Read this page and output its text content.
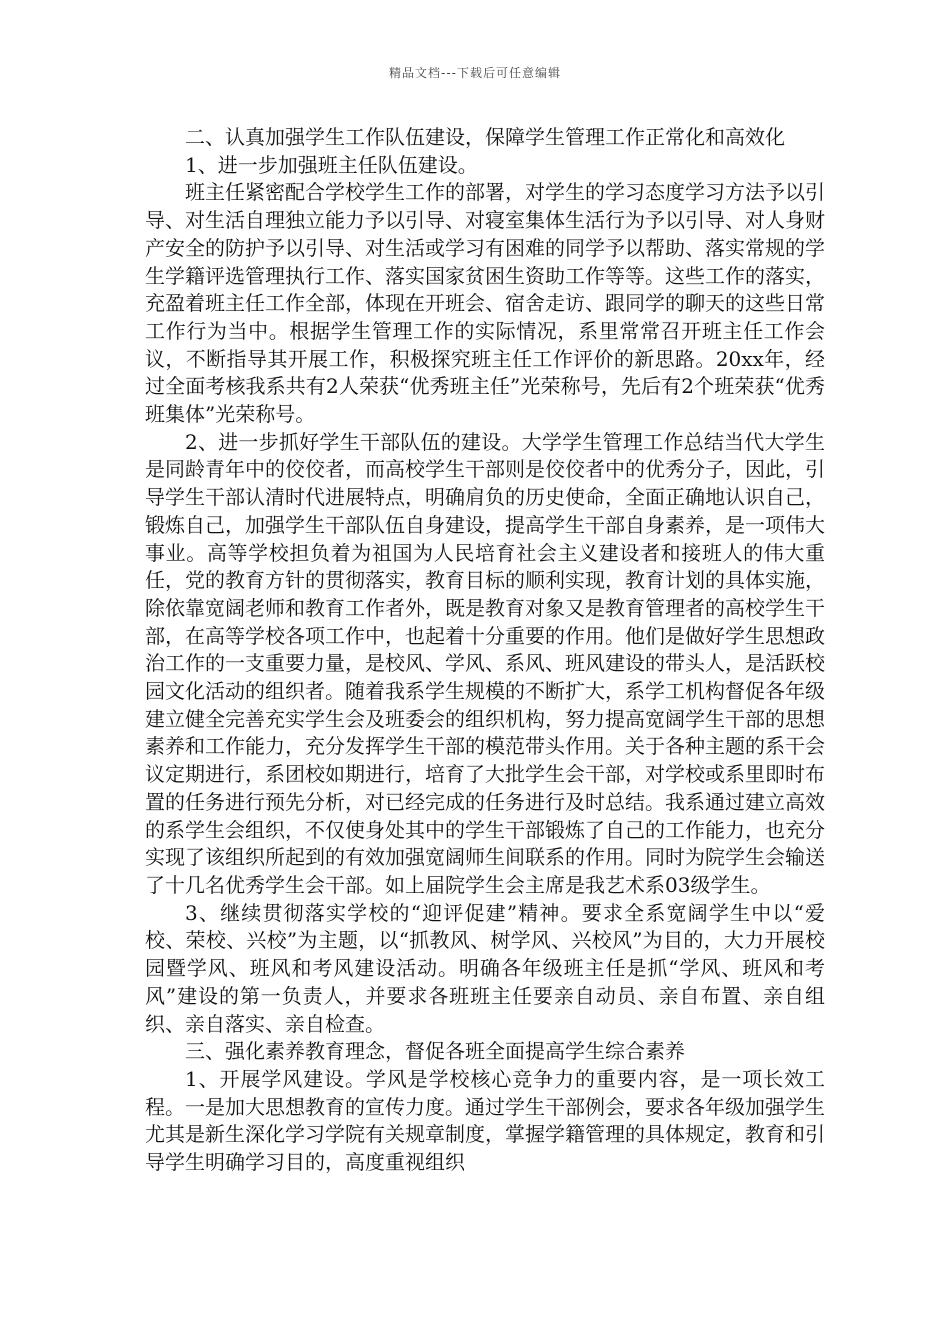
精品文档---下载后可任意编辑

二、认真加强学生工作队伍建设，保障学生管理工作正常化和高效化

1、进一步加强班主任队伍建设。

班主任紧密配合学校学生工作的部署，对学生的学习态度学习方法予以引导、对生活自理独立能力予以引导、对寝室集体生活行为予以引导、对人身财产安全的防护予以引导、对生活或学习有困难的同学予以帮助、落实常规的学生学籍评选管理执行工作、落实国家贫困生资助工作等等。这些工作的落实，充盈着班主任工作全部，体现在开班会、宿舍走访、跟同学的聊天的这些日常工作行为当中。根据学生管理工作的实际情况，系里常常召开班主任工作会议，不断指导其开展工作，积极探究班主任工作评价的新思路。20xx年，经过全面考核我系共有2人荣获“优秀班主任”光荣称号，先后有2个班荣获“优秀班集体”光荣称号。

2、进一步抓好学生干部队伍的建设。大学学生管理工作总结当代大学生是同龄青年中的佼佼者，而高校学生干部则是佼佼者中的优秀分子，因此，引导学生干部认清时代进展特点，明确肩负的历史使命，全面正确地认识自己，锻炼自己，加强学生干部队伍自身建设，提高学生干部自身素养，是一项伟大事业。高等学校担负着为祖国为人民培育社会主义建设者和接班人的伟大重任，党的教育方针的贯彻落实，教育目标的顺利实现，教育计划的具体实施，除依靠宽阔老师和教育工作者外，既是教育对象又是教育管理者的高校学生干部，在高等学校各项工作中，也起着十分重要的作用。他们是做好学生思想政治工作的一支重要力量，是校风、学风、系风、班风建设的带头人，是活跃校园文化活动的组织者。随着我系学生规模的不断扩大，系学工机构督促各年级建立健全完善充实学生会及班委会的组织机构，努力提高宽阔学生干部的思想素养和工作能力，充分发挥学生干部的模范带头作用。关于各种主题的系干会议定期进行，系团校如期进行，培育了大批学生会干部，对学校或系里即时布置的任务进行预先分析，对已经完成的任务进行及时总结。我系通过建立高效的系学生会组织，不仅使身处其中的学生干部锻炼了自己的工作能力，也充分实现了该组织所起到的有效加强宽阔师生间联系的作用。同时为院学生会输送了十几名优秀学生会干部。如上届院学生会主席是我艺术系03级学生。

3、继续贯彻落实学校的“迎评促建”精神。要求全系宽阔学生中以“爱校、荣校、兴校”为主题，以“抓教风、树学风、兴校风”为目的，大力开展校园暨学风、班风和考风建设活动。明确各年级班主任是抓“学风、班风和考风”建设的第一负责人，并要求各班班主任要亲自动员、亲自布置、亲自组织、亲自落实、亲自检查。

三、强化素养教育理念，督促各班全面提高学生综合素养

1、开展学风建设。学风是学校核心竞争力的重要内容，是一项长效工程。一是加大思想教育的宣传力度。通过学生干部例会，要求各年级加强学生尤其是新生深化学习学院有关规章制度，掌握学籍管理的具体规定，教育和引导学生明确学习目的，高度重视组织
